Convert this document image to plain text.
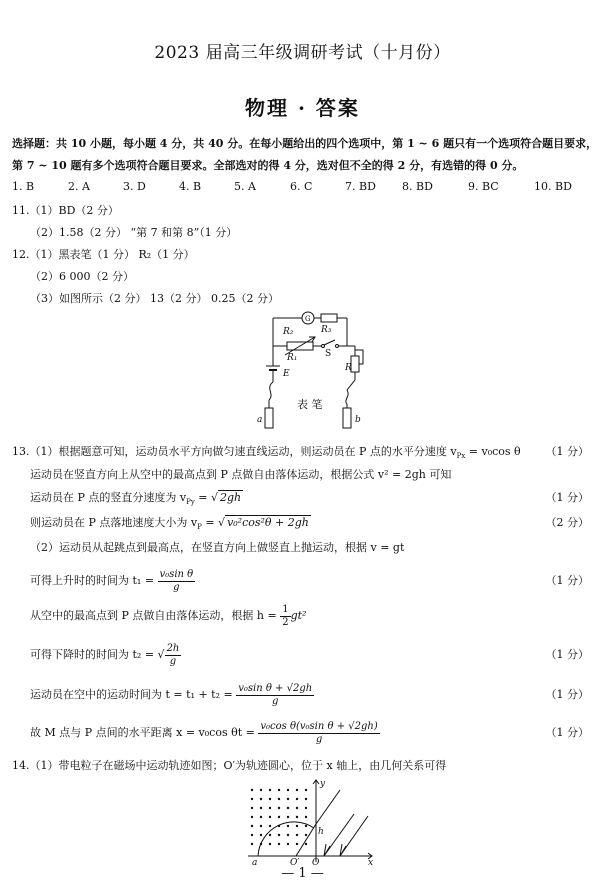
2023 届高三年级调研考试（十月份）
物理 · 答案
选择题：共 10 小题，每小题 4 分，共 40 分。在每小题给出的四个选项中，第 1 ~ 6 题只有一个选项符合题目要求，
第 7 ~ 10 题有多个选项符合题目要求。全部选对的得 4 分，选对但不全的得 2 分，有选错的得 0 分。
1. B	2. A	3. D	4. B	5. A	6. C	7. BD 8. BD	9. BC	10. BD
11.（1）BD（2 分）
（2）1.58（2 分） “第 7 和第 8”（1 分）
12.（1）黑表笔（1 分） R₂（1 分）
（2）6 000（2 分）
（3）如图所示（2 分） 13（2 分） 0.25（2 分）
G
R₃
R₂
R₁	S
R
E
a	b
表 笔
13.（1）根据题意可知，运动员水平方向做匀速直线运动，则运动员在 P 点的水平分速度 $v_{Px} = v_0\cos$ θ （1 分）
运动员在竖直方向上从空中的最高点到 P 点做自由落体运动，根据公式 v² = 2gh 可知
运动员在 P 点的竖直分速度为 $v_{Py}$ = √ 2gh	（1 分）
则运动员在 P 点落地速度大小为 $v_P$ = √ v₀²cos²θ + 2gh	（2 分）
（2）运动员从起跳点到最高点，在竖直方向上做竖直上抛运动，根据 v = gt
可得上升时的时间为 $t_1 = \frac{\text{v₀sin θ}}{g}$	（1 分）
从空中的最高点到 P 点做自由落体运动，根据 $h = \frac{1}{2} gt^2$
可得下降时的时间为 t₂ = √ $\frac{2h}{g}$	（1 分）
运动员在空中的运动时间为 $t = t_1 + t_2 = \frac{\text{v₀sin θ + √2gh}}{g}$	（1 分）
故 M 点与 P 点间的水平距离 x = v₀cos $\theta t = \frac{\text{v₀cos θ(v₀sin θ + √2gh)}}{g}$	（1 分）
14.（1）带电粒子在磁场中运动轨迹如图；O′为轨迹圆心，位于 x 轴上，由几何关系可得
y
x
a	O′ O
h
— 1 —
